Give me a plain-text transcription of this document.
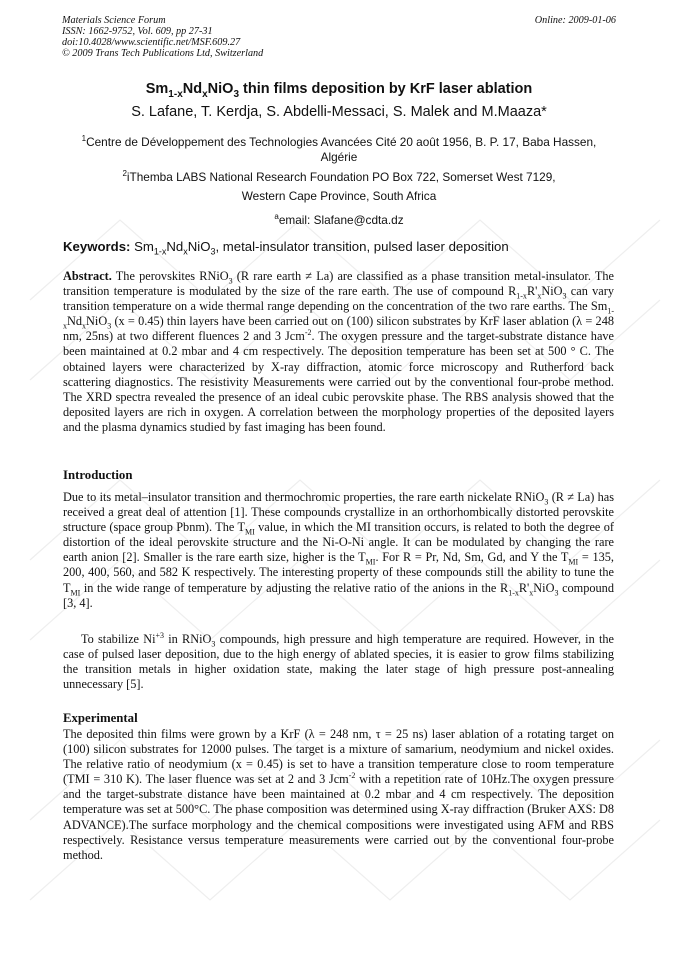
Materials Science Forum
ISSN: 1662-9752, Vol. 609, pp 27-31
doi:10.4028/www.scientific.net/MSF.609.27
© 2009 Trans Tech Publications Ltd, Switzerland
Online: 2009-01-06
$Sm_{1-x}Nd_xNiO_3$ thin films deposition by KrF laser ablation
S. Lafane, T. Kerdja, S. Abdelli-Messaci, S. Malek and M.Maaza*
$^1$Centre de Développement des Technologies Avancées Cité 20 août 1956, B. P. 17, Baba Hassen, Algérie
$^2$iThemba LABS National Research Foundation PO Box 722, Somerset West 7129,
Western Cape Province, South Africa
$^a$email: Slafane@cdta.dz
Keywords: $Sm_{1-x}Nd_xNiO_3$, metal-insulator transition, pulsed laser deposition
Abstract. The perovskites RNiO$_3$ (R rare earth ≠ La) are classified as a phase transition metal-insulator. The transition temperature is modulated by the size of the rare earth. The use of compound $R_{1-x}R'_xNiO_3$ can vary transition temperature on a wide thermal range depending on the concentration of the two rare earths. The $Sm_{1-x}Nd_xNiO_3$ (x = 0.45) thin layers have been carried out on (100) silicon substrates by KrF laser ablation (λ = 248 nm, 25ns) at two different fluences 2 and 3 Jcm$^{-2}$. The oxygen pressure and the target-substrate distance have been maintained at 0.2 mbar and 4 cm respectively. The deposition temperature has been set at 500 ° C. The obtained layers were characterized by X-ray diffraction, atomic force microscopy and Rutherford back scattering diagnostics. The resistivity Measurements were carried out by the conventional four-probe method. The XRD spectra revealed the presence of an ideal cubic perovskite phase. The RBS analysis showed that the deposited layers are rich in oxygen. A correlation between the morphology properties of the deposited layers and the plasma dynamics studied by fast imaging has been found.
Introduction
Due to its metal–insulator transition and thermochromic properties, the rare earth nickelate RNiO$_3$ (R ≠ La) has received a great deal of attention [1]. These compounds crystallize in an orthorhombically distorted perovskite structure (space group Pbnm). The $T_{MI}$ value, in which the MI transition occurs, is related to both the degree of distortion of the ideal perovskite structure and the Ni-O-Ni angle. It can be modulated by changing the rare earth anion [2]. Smaller is the rare earth size, higher is the $T_{MI}$. For R = Pr, Nd, Sm, Gd, and Y the $T_{MI} = 135$, 200, 400, 560, and 582 K respectively. The interesting property of these compounds still the ability to tune the $T_{MI}$ in the wide range of temperature by adjusting the relative ratio of the anions in the $R_{1-x}R'_xNiO_3$ compound [3, 4].
To stabilize $Ni^{+3}$ in RNiO$_3$ compounds, high pressure and high temperature are required. However, in the case of pulsed laser deposition, due to the high energy of ablated species, it is easier to grow films stabilizing the transition metals in higher oxidation state, making the later stage of high pressure post-annealing unnecessary [5].
Experimental
The deposited thin films were grown by a KrF (λ = 248 nm, τ = 25 ns) laser ablation of a rotating target on (100) silicon substrates for 12000 pulses. The target is a mixture of samarium, neodymium and nickel oxides. The relative ratio of neodymium (x = 0.45) is set to have a transition temperature close to room temperature (TMI = 310 K). The laser fluence was set at 2 and 3 Jcm$^{-2}$ with a repetition rate of 10Hz.The oxygen pressure and the target-substrate distance have been maintained at 0.2 mbar and 4 cm respectively. The deposition temperature was set at 500°C. The phase composition was determined using X-ray diffraction (Bruker AXS: D8 ADVANCE).The surface morphology and the chemical compositions were investigated using AFM and RBS respectively. Resistance versus temperature measurements were carried out by the conventional four-probe method.
